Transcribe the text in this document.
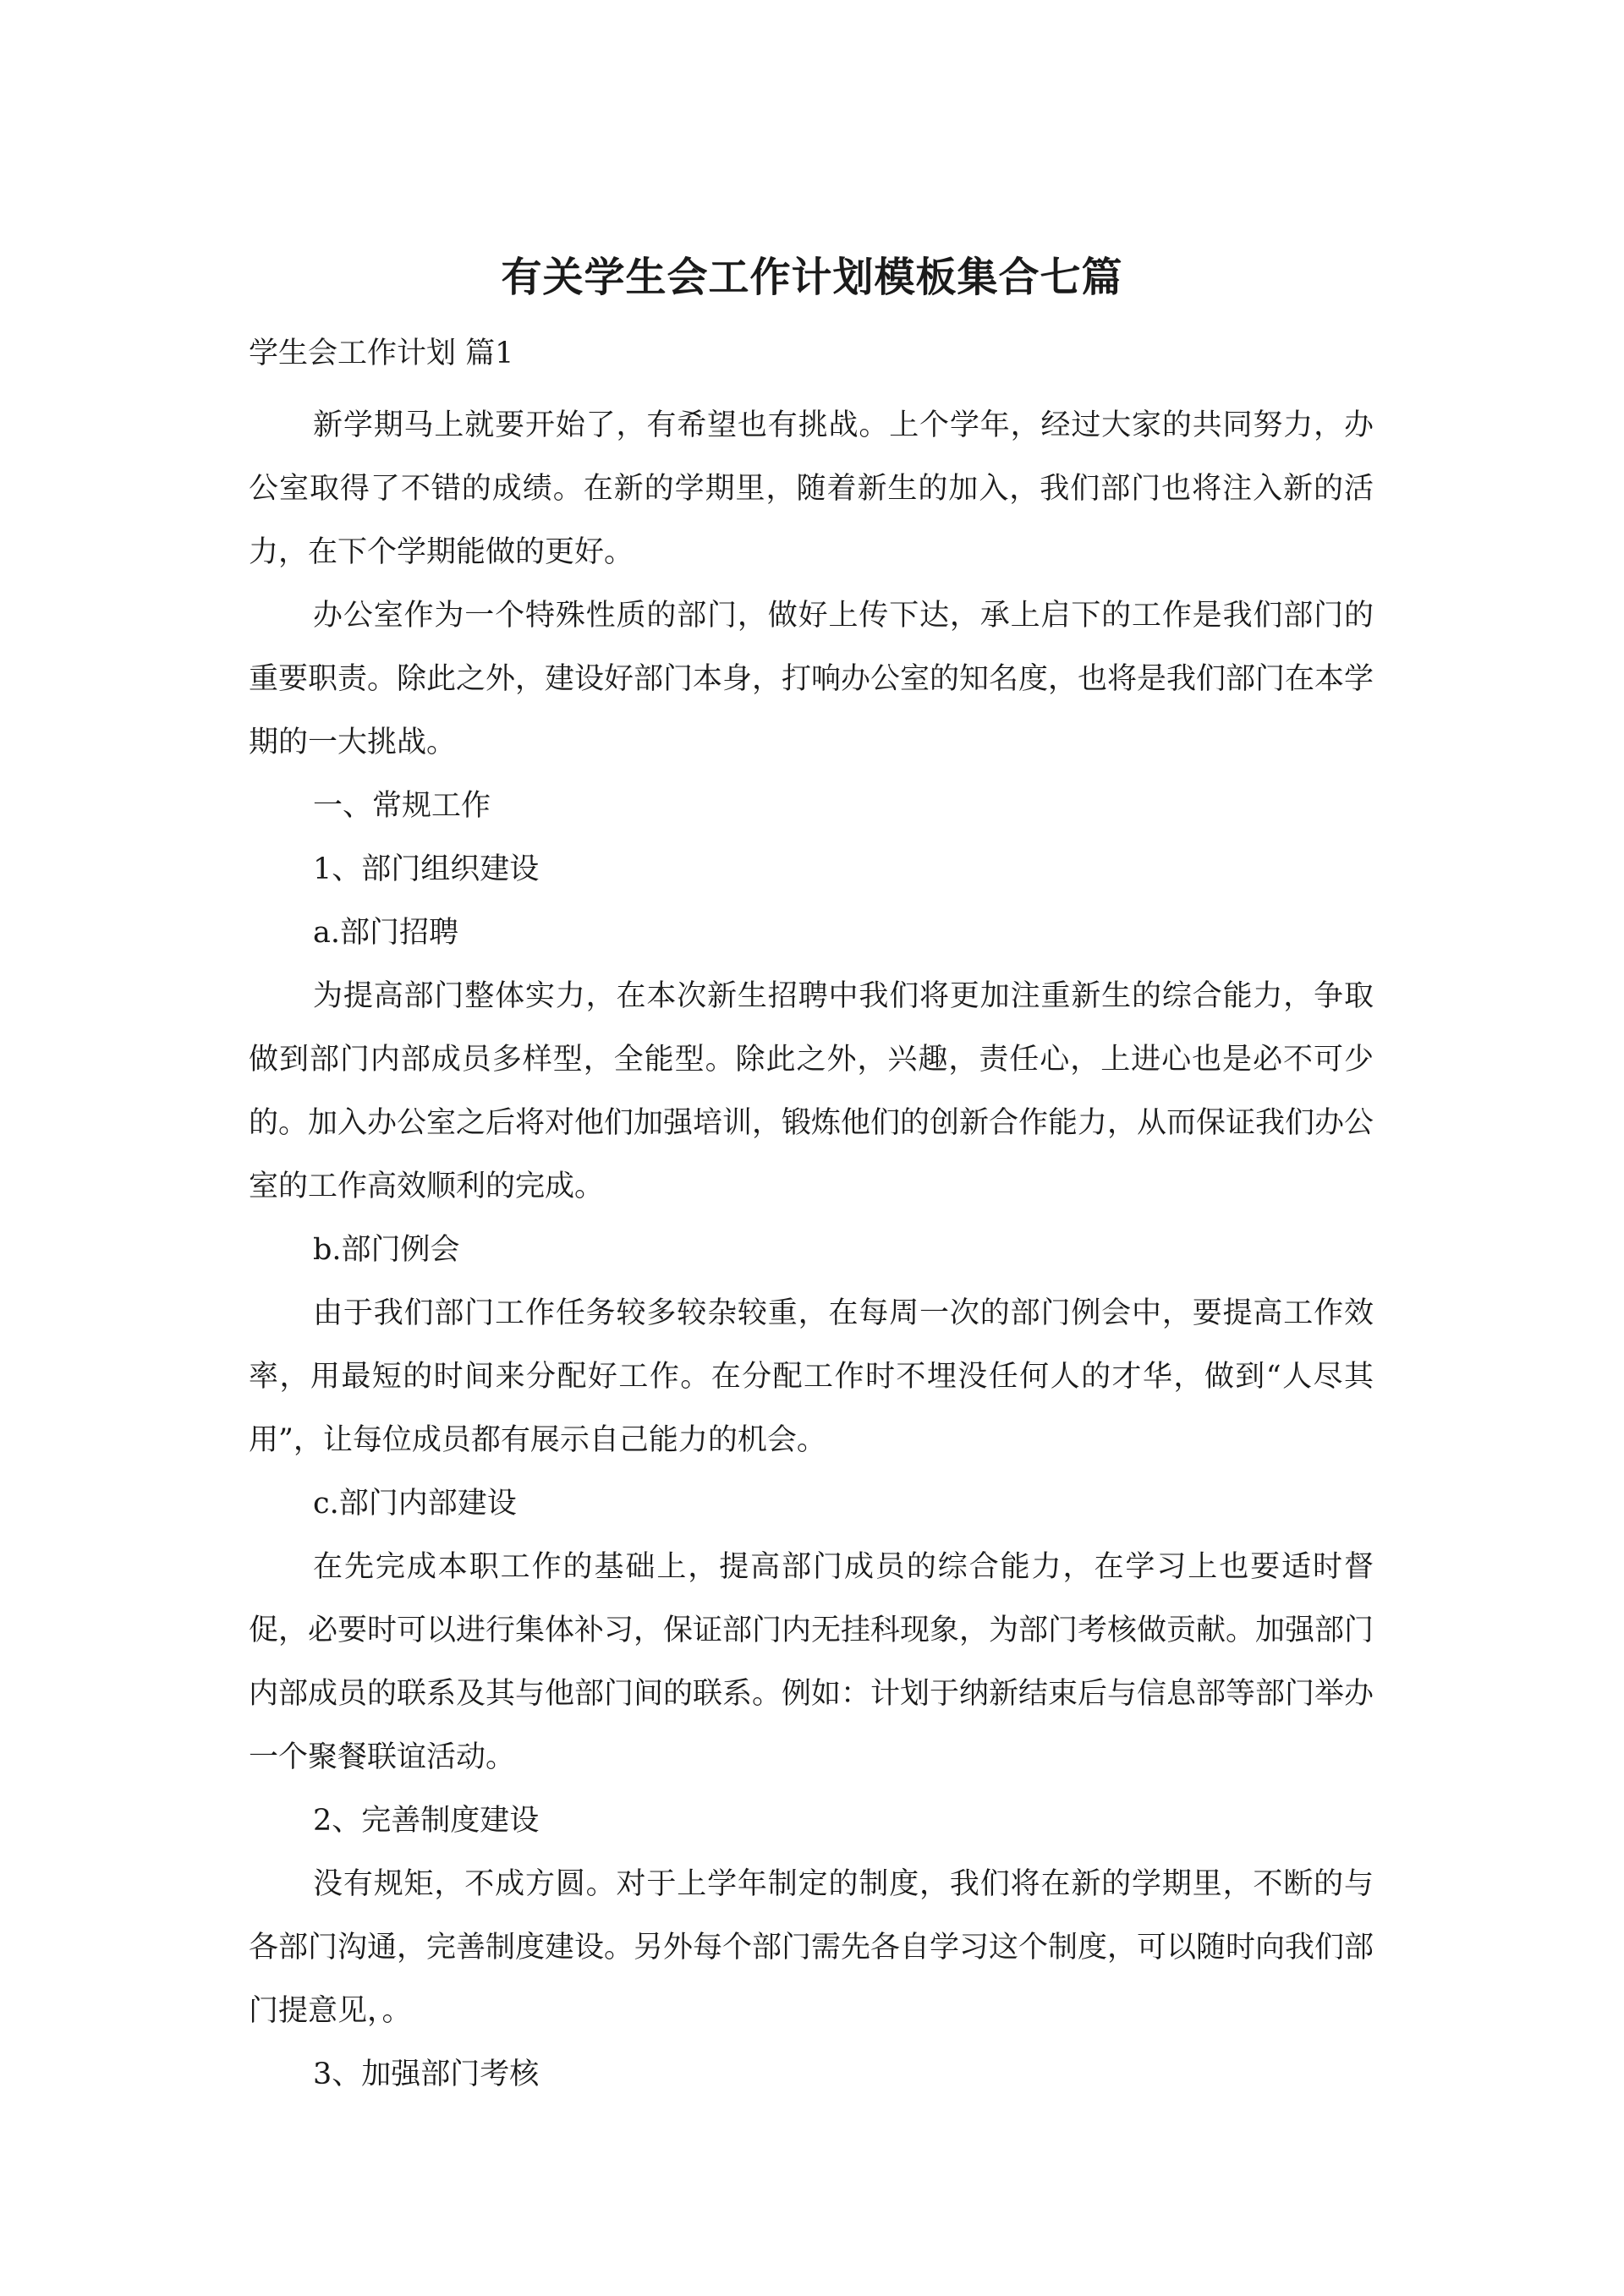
有关学生会工作计划模板集合七篇

学生会工作计划 篇1

新学期马上就要开始了，有希望也有挑战。上个学年，经过大家的共同努力，办公室取得了不错的成绩。在新的学期里，随着新生的加入，我们部门也将注入新的活力，在下个学期能做的更好。

办公室作为一个特殊性质的部门，做好上传下达，承上启下的工作是我们部门的重要职责。除此之外，建设好部门本身，打响办公室的知名度，也将是我们部门在本学期的一大挑战。

一、常规工作

1、部门组织建设

a.部门招聘

为提高部门整体实力，在本次新生招聘中我们将更加注重新生的综合能力，争取做到部门内部成员多样型，全能型。除此之外，兴趣，责任心，上进心也是必不可少的。加入办公室之后将对他们加强培训，锻炼他们的创新合作能力，从而保证我们办公室的工作高效顺利的完成。

b.部门例会

由于我们部门工作任务较多较杂较重，在每周一次的部门例会中，要提高工作效率，用最短的时间来分配好工作。在分配工作时不埋没任何人的才华，做到“人尽其用”，让每位成员都有展示自己能力的机会。

c.部门内部建设

在先完成本职工作的基础上，提高部门成员的综合能力，在学习上也要适时督促，必要时可以进行集体补习，保证部门内无挂科现象，为部门考核做贡献。加强部门内部成员的联系及其与他部门间的联系。例如：计划于纳新结束后与信息部等部门举办一个聚餐联谊活动。

2、完善制度建设

没有规矩，不成方圆。对于上学年制定的制度，我们将在新的学期里，不断的与各部门沟通，完善制度建设。另外每个部门需先各自学习这个制度，可以随时向我们部门提意见，。

3、加强部门考核
